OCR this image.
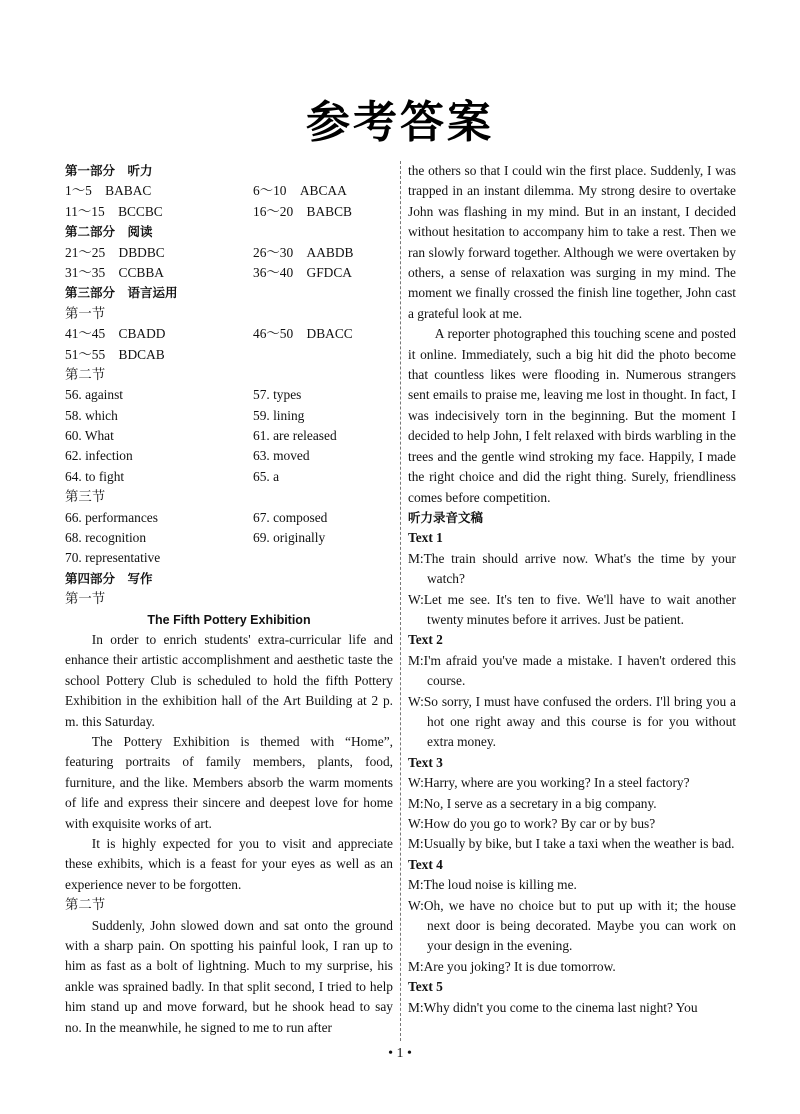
参考答案
第一部分　听力
1～5　BABAC	6～10　ABCAA
11～15　BCCBC	16～20　BABCB
第二部分　阅读
21～25　DBDBC	26～30　AABDB
31～35　CCBBA	36～40　GFDCA
第三部分　语言运用
第一节
41～45　CBADD	46～50　DBACC
51～55　BDCAB
第二节
56. against	57. types
58. which	59. lining
60. What	61. are released
62. infection	63. moved
64. to fight	65. a
第三节
66. performances	67. composed
68. recognition	69. originally
70. representative
第四部分　写作
第一节
The Fifth Pottery Exhibition

In order to enrich students' extra-curricular life and enhance their artistic accomplishment and aesthetic taste the school Pottery Club is scheduled to hold the fifth Pottery Exhibition in the exhibition hall of the Art Building at 2 p. m. this Saturday.

The Pottery Exhibition is themed with “Home”, featuring portraits of family members, plants, food, furniture, and the like. Members absorb the warm moments of life and express their sincere and deepest love for home with exquisite works of art.

It is highly expected for you to visit and appreciate these exhibits, which is a feast for your eyes as well as an experience never to be forgotten.

第二节

Suddenly, John slowed down and sat onto the ground with a sharp pain. On spotting his painful look, I ran up to him as fast as a bolt of lightning. Much to my surprise, his ankle was sprained badly. In that split second, I tried to help him stand up and move forward, but he shook head to say no. In the meanwhile, he signed to me to run after

the others so that I could win the first place. Suddenly, I was trapped in an instant dilemma. My strong desire to overtake John was flashing in my mind. But in an instant, I decided without hesitation to accompany him to take a rest. Then we ran slowly forward together. Although we were overtaken by others, a sense of relaxation was surging in my mind. The moment we finally crossed the finish line together, John cast a grateful look at me.

A reporter photographed this touching scene and posted it online. Immediately, such a big hit did the photo become that countless likes were flooding in. Numerous strangers sent emails to praise me, leaving me lost in thought. In fact, I was indecisively torn in the beginning. But the moment I decided to help John, I felt relaxed with birds warbling in the trees and the gentle wind stroking my face. Happily, I made the right choice and did the right thing. Surely, friendliness comes before competition.

听力录音文稿
Text 1

M:The train should arrive now. What's the time by your watch?

W:Let me see. It's ten to five. We'll have to wait another twenty minutes before it arrives. Just be patient.

Text 2

M:I'm afraid you've made a mistake. I haven't ordered this course.

W:So sorry, I must have confused the orders. I'll bring you a hot one right away and this course is for you without extra money.

Text 3

W:Harry, where are you working? In a steel factory?

M:No, I serve as a secretary in a big company.

W:How do you go to work? By car or by bus?

M:Usually by bike, but I take a taxi when the weather is bad.

Text 4

M:The loud noise is killing me.

W:Oh, we have no choice but to put up with it; the house next door is being decorated. Maybe you can work on your design in the evening.

M:Are you joking? It is due tomorrow.

Text 5

M:Why didn't you come to the cinema last night? You

• 1 •
